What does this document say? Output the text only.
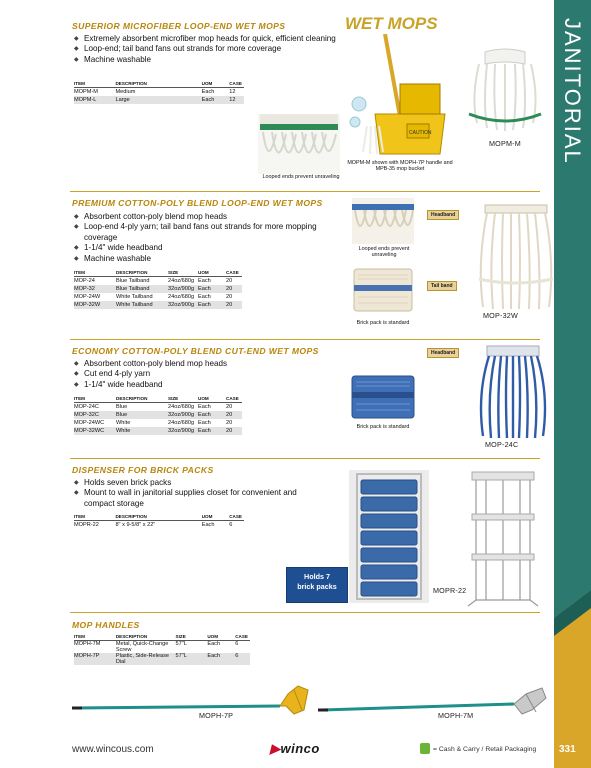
JANITORIAL
SUPERIOR MICROFIBER LOOP-END WET MOPS	WET MOPS
◆ Extremely absorbent microfiber mop heads for quick, efficient cleaning
◆ Loop-end; tail band fans out strands for more coverage
◆ Machine washable
ITEM	DESCRIPTION	UOM	CASE
MOPM-M	Medium	Each	12
MOPM-L	Large	Each	12
Looped ends prevent unraveling
CAUTION
MOPM-M shown with MOPH-7P handle and MPB-35 mop bucket
MOPM-M
PREMIUM COTTON-POLY BLEND LOOP-END WET MOPS
◆ Absorbent cotton-poly blend mop heads
◆ Loop-end 4-ply yarn; tail band fans out strands for more mopping coverage
◆ 1-1/4" wide headband
◆ Machine washable
ITEM	DESCRIPTION	SIZE	UOM	CASE
MOP-24	Blue Tailband	24oz/680g	Each	20
MOP-32	Blue Tailband	32oz/900g	Each	20
MOP-24W	White Tailband	24oz/680g	Each	20
MOP-32W	White Tailband	32oz/900g	Each	20
Looped ends prevent unraveling
Brick pack is standard
Headband
Tail band
MOP-32W
ECONOMY COTTON-POLY BLEND CUT-END WET MOPS
◆ Absorbent cotton-poly blend mop heads
◆ Cut end 4-ply yarn
◆ 1-1/4" wide headband
ITEM	DESCRIPTION	SIZE	UOM	CASE
MOP-24C	Blue	24oz/680g	Each	20
MOP-32C	Blue	32oz/900g	Each	20
MOP-24WC	White	24oz/680g	Each	20
MOP-32WC	White	32oz/900g	Each	20
Brick pack is standard
Headband
MOP-24C
DISPENSER FOR BRICK PACKS
◆ Holds seven brick packs
◆ Mount to wall in janitorial supplies closet for convenient and compact storage
ITEM	DESCRIPTION	UOM	CASE
MOPR-22	8" x 9-5/8" x 22"	Each	6
Holds 7
brick packs	MOPR-22
MOP HANDLES
ITEM	DESCRIPTION	SIZE	UOM	CASE
MOPH-7M	Metal, Quick-Change Screw	57"L	Each	6
MOPH-7P	Plastic, Side-Release Dial	57"L	Each	6
MOPH-7P	MOPH-7M
www.wincous.com	▶winco	= Cash & Carry / Retail Packaging 331
